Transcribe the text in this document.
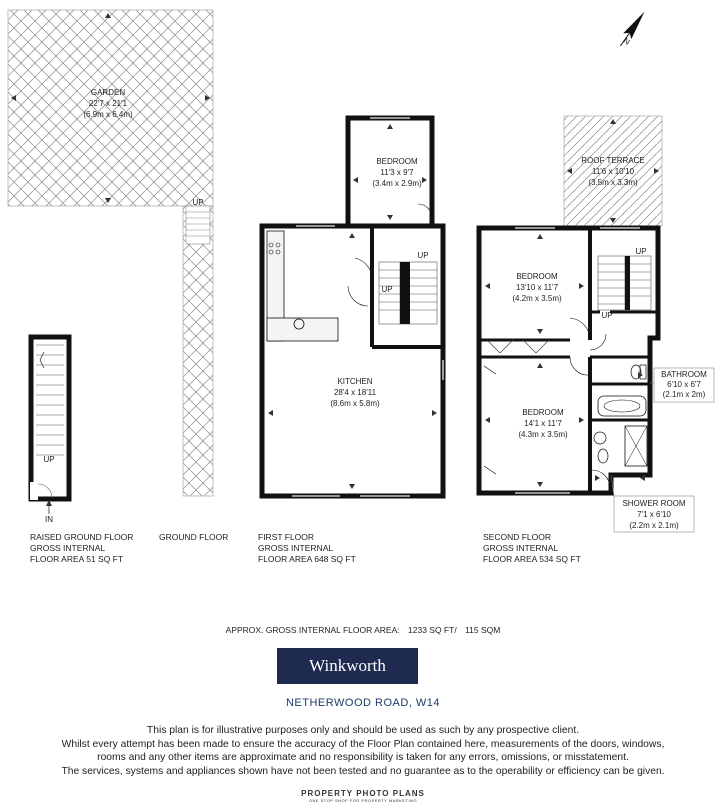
GARDEN
22'7 x 21'1
(6.9m x 6.4m)
UP
UP
IN
BEDROOM
11'3 x 9'7
(3.4m x 2.9m)
KITCHEN
28'4 x 18'11
(8.6m x 5.8m)
UP
UP
ROOF TERRACE
11'6 x 10'10
(3.5m x 3.3m)
BEDROOM
13'10 x 11'7
(4.2m x 3.5m)
BEDROOM
14'1 x 11'7
(4.3m x 3.5m)
BATHROOM
6'10 x 6'7
(2.1m x 2m)
SHOWER ROOM
7'1 x 6'10
(2.2m x 2.1m)
UP
UP
N
RAISED GROUND FLOOR
GROSS INTERNAL
FLOOR AREA 51 SQ FT
GROUND FLOOR	FIRST FLOOR
GROSS INTERNAL
FLOOR AREA 648 SQ FT
SECOND FLOOR
GROSS INTERNAL
FLOOR AREA 534 SQ FT
APPROX. GROSS INTERNAL FLOOR AREA: 1233 SQ FT/ 115 SQM
Winkworth
NETHERWOOD ROAD, W14
This plan is for illustrative purposes only and should be used as such by any prospective client.
Whilst every attempt has been made to ensure the accuracy of the Floor Plan contained here, measurements of the doors, windows,
rooms and any other items are approximate and no responsibility is taken for any errors, omissions, or misstatement.
The services, systems and appliances shown have not been tested and no guarantee as to the operability or efficiency can be given.
PROPERTY PHOTO PLANS
ONE STOP SHOP FOR PROPERTY MARKETING
